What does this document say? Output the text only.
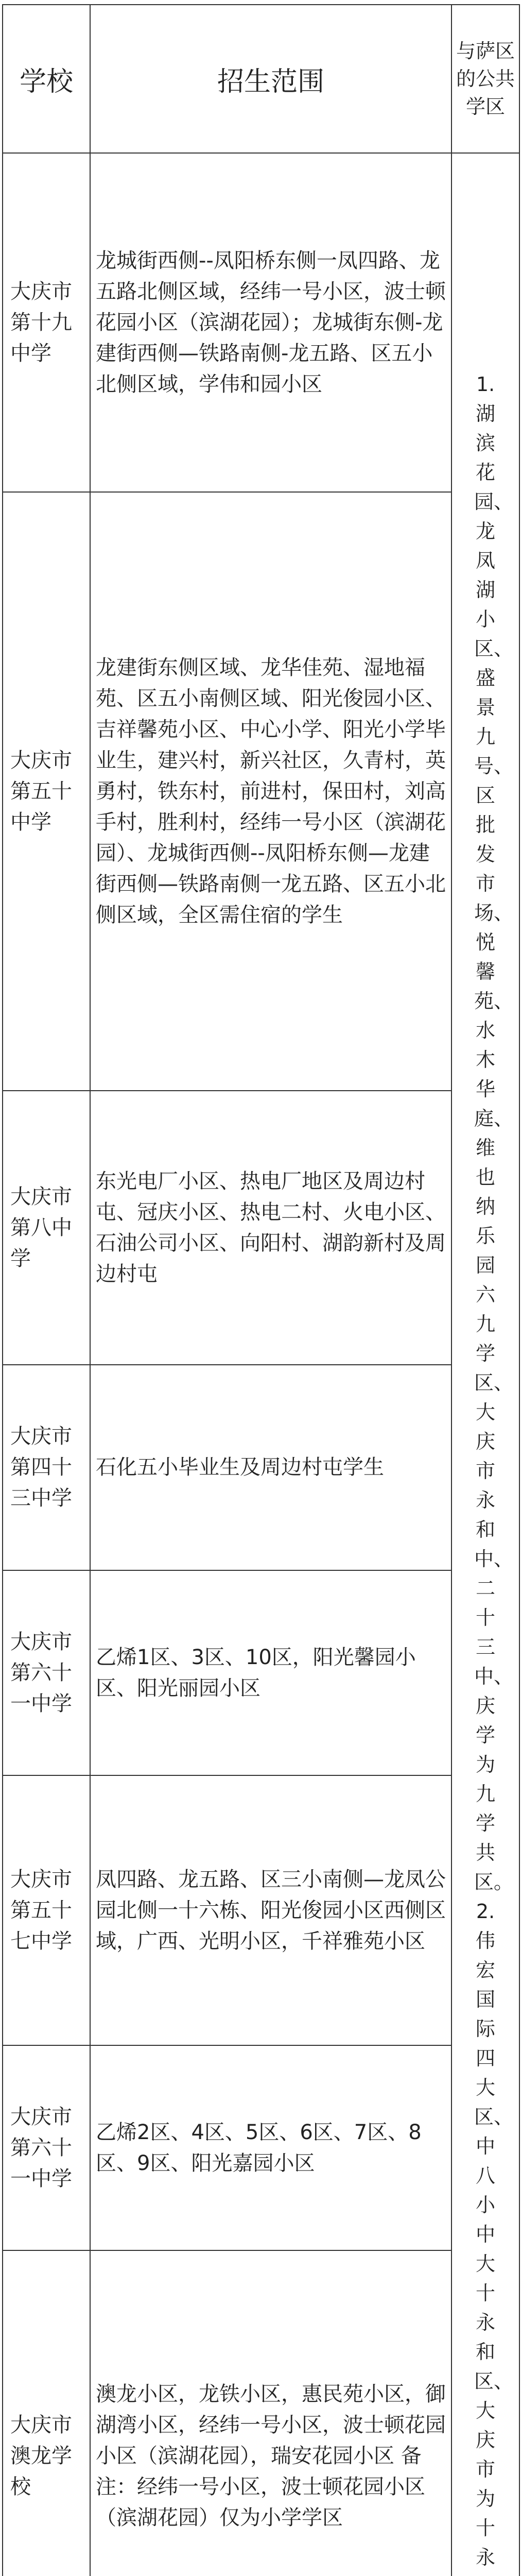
学校	招生范围	与萨区的公共学区
大庆市第十九中学	龙城街西侧--凤阳桥东侧一凤四路、龙五路北侧区域，经纬一号小区，波士顿花园小区（滨湖花园）；龙城街东侧-龙建街西侧—铁路南侧-龙五路、区五小北侧区域，学伟和园小区	1.湖滨花园、龙凤湖小区、盛景九号、区批发市场、悦馨苑、水木华庭、维也纳乐园六九学区、大庆市永和中、二十三中、庆学为九学共区。
2.伟宏国际四大区、中八小中大十永和区、大庆市为十永

大庆市第五十中学	龙建街东侧区域、龙华佳苑、湿地福苑、区五小南侧区域、阳光俊园小区、吉祥馨苑小区、中心小学、阳光小学毕业生，建兴村，新兴社区，久青村，英勇村，铁东村，前进村，保田村，刘高手村，胜利村，经纬一号小区（滨湖花园）、龙城街西侧--凤阳桥东侧—龙建街西侧—铁路南侧一龙五路、区五小北侧区域，全区需住宿的学生	
大庆市第八中学	东光电厂小区、热电厂地区及周边村屯、冠庆小区、热电二村、火电小区、石油公司小区、向阳村、湖韵新村及周边村屯	
大庆市第四十三中学	石化五小毕业生及周边村屯学生	
大庆市第六十一中学	乙烯1区、3区、10区，阳光馨园小区、阳光丽园小区	
大庆市第五十七中学	凤四路、龙五路、区三小南侧—龙凤公园北侧一十六栋、阳光俊园小区西侧区域，广西、光明小区，千祥雅苑小区	
大庆市第六十一中学	乙烯2区、4区、5区、6区、7区、8区、9区、阳光嘉园小区	
大庆市澳龙学校	澳龙小区，龙铁小区，惠民苑小区，御湖湾小区，经纬一号小区，波士顿花园小区（滨湖花园），瑞安花园小区 备注：经纬一号小区，波士顿花园小区（滨湖花园）仅为小学学区	
